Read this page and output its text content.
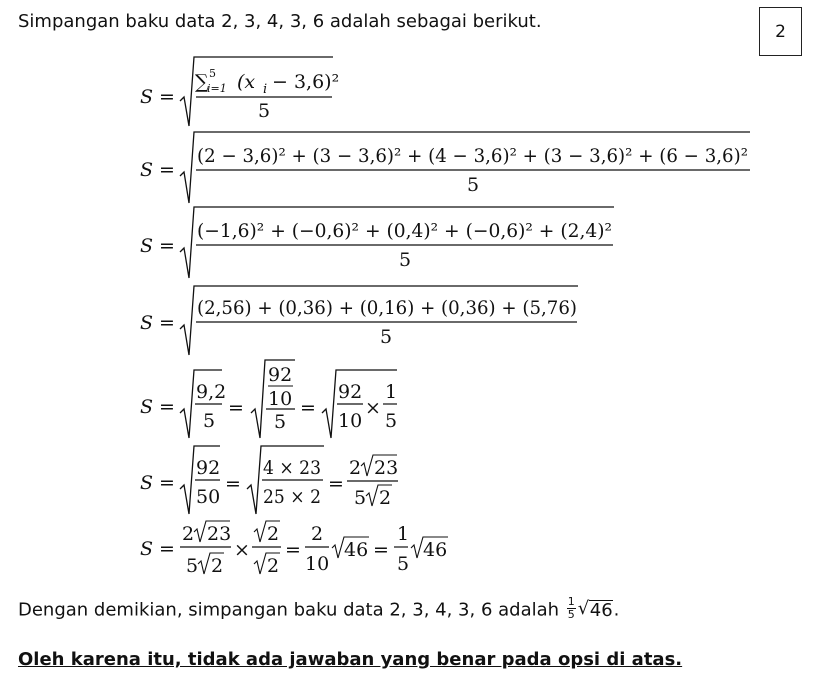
Simpangan baku data 2, 3, 4, 3, 6 adalah sebagai berikut.	2
S =
∑ 5
i=1 (x i − 3,6)²
5
S =
(2 − 3,6)² + (3 − 3,6)² + (4 − 3,6)² + (3 − 3,6)² + (6 − 3,6)²
5
S =
(−1,6)² + (−0,6)² + (0,4)² + (−0,6)² + (2,4)²
5
S =
(2,56) + (0,36) + (0,16) + (0,36) + (5,76)
5
S =
9,2
5
=
92
10
5
=
92
10
×
1
5
S =
92
50
=
4 × 23
25 × 2
=
2 23
5 2
S =
2 23
5 2
×
2
2
=
2
10
46 =
1
5
46
Dengan demikian, simpangan baku data 2, 3, 4, 3, 6 adalah $\frac{1}{5}$ √ 46.
Oleh karena itu, tidak ada jawaban yang benar pada opsi di atas.
